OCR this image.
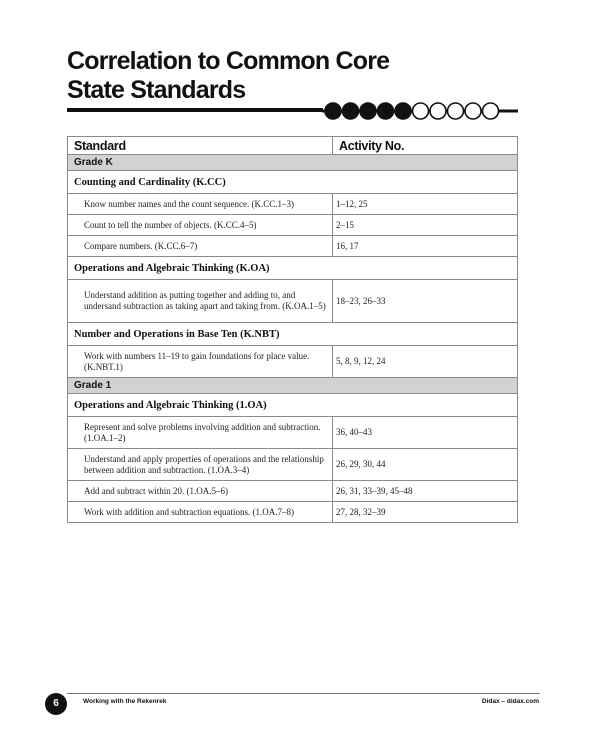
Correlation to Common Core
State Standards
Standard	Activity No.
Grade K	
Counting and Cardinality (K.CC)	
Know number names and the count sequence. (K.CC.1–3)	1–12, 25
Count to tell the number of objects. (K.CC.4–5)	2–15
Compare numbers. (K.CC.6–7)	16, 17
Operations and Algebraic Thinking (K.OA)	
Understand addition as putting together and adding to, and undersand subtraction as taking apart and taking from. (K.OA.1–5)	18–23, 26–33
Number and Operations in Base Ten (K.NBT)	
Work with numbers 11–19 to gain foundations for place value. (K.NBT.1)	5, 8, 9, 12, 24
Grade 1	
Operations and Algebraic Thinking (1.OA)	
Represent and solve problems involving addition and subtraction. (1.OA.1–2)	36, 40–43
Understand and apply properties of operations and the relationship between addition and subtraction. (1.OA.3–4)	26, 29, 30, 44
Add and subtract within 20. (1.OA.5–6)	26, 31, 33–39, 45–48
Work with addition and subtraction equations. (1.OA.7–8)	27, 28, 32–39
6	Working with the Rekenrek	Didax – didax.com
